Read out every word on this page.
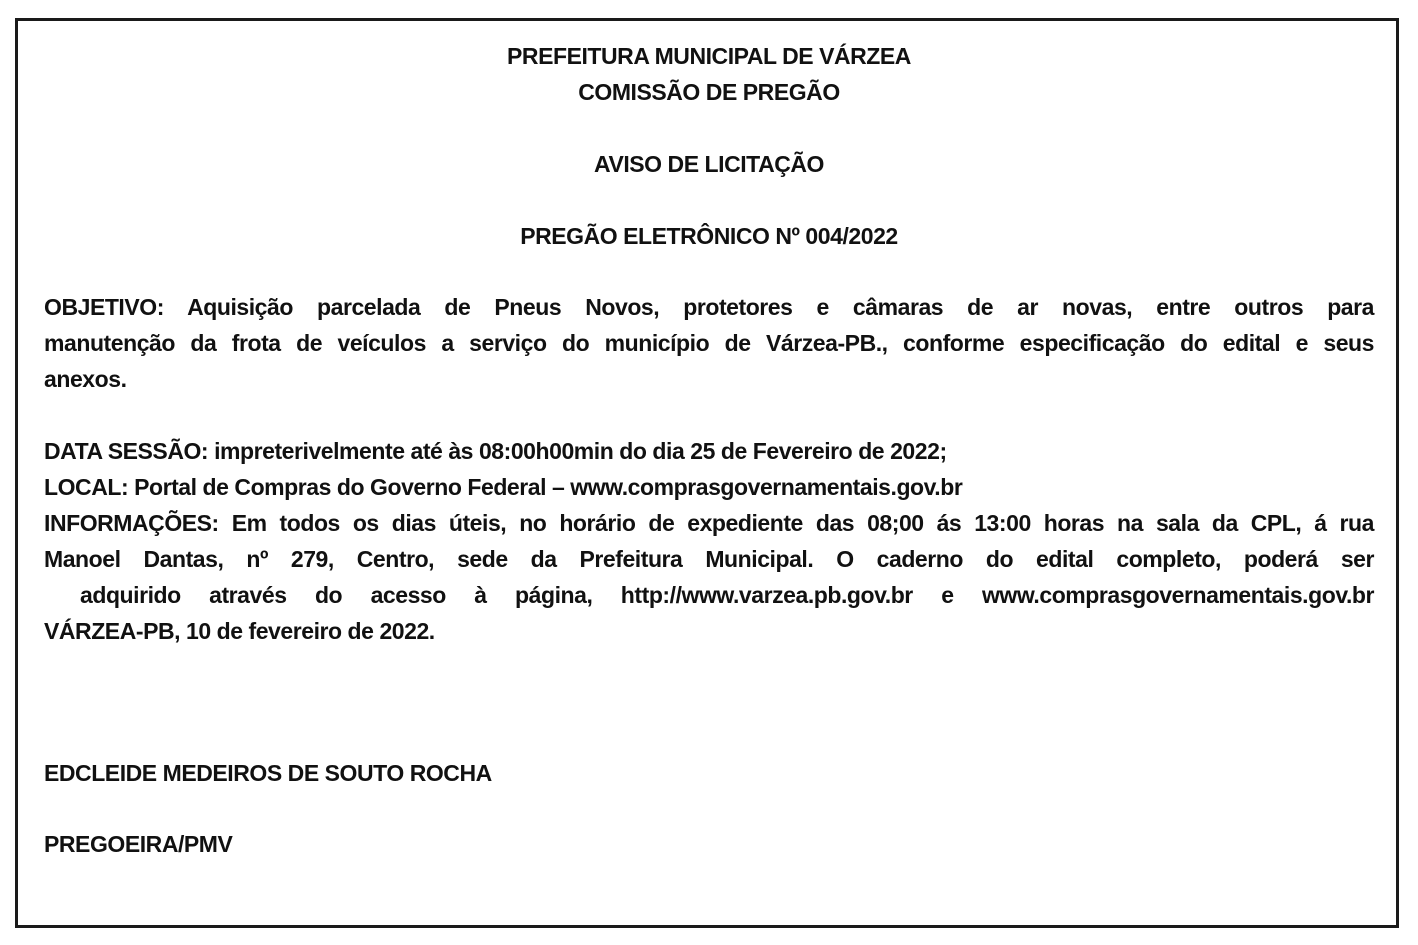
PREFEITURA MUNICIPAL DE VÁRZEA
COMISSÃO DE PREGÃO
AVISO DE LICITAÇÃO
PREGÃO ELETRÔNICO Nº 004/2022
OBJETIVO: Aquisição parcelada de Pneus Novos, protetores e câmaras de ar novas, entre outros para
manutenção da frota de veículos a serviço do município de Várzea-PB., conforme especificação do edital e seus
anexos.
DATA SESSÃO: impreterivelmente até às 08:00h00min do dia 25 de Fevereiro de 2022;
LOCAL: Portal de Compras do Governo Federal – www.comprasgovernamentais.gov.br
INFORMAÇÕES: Em todos os dias úteis, no horário de expediente das 08;00 ás 13:00 horas na sala da CPL, á rua
Manoel Dantas, nº 279, Centro, sede da Prefeitura Municipal. O caderno do edital completo, poderá ser
adquirido através do acesso à página, http://www.varzea.pb.gov.br e www.comprasgovernamentais.gov.br
VÁRZEA-PB, 10 de fevereiro de 2022.
EDCLEIDE MEDEIROS DE SOUTO ROCHA
PREGOEIRA/PMV
